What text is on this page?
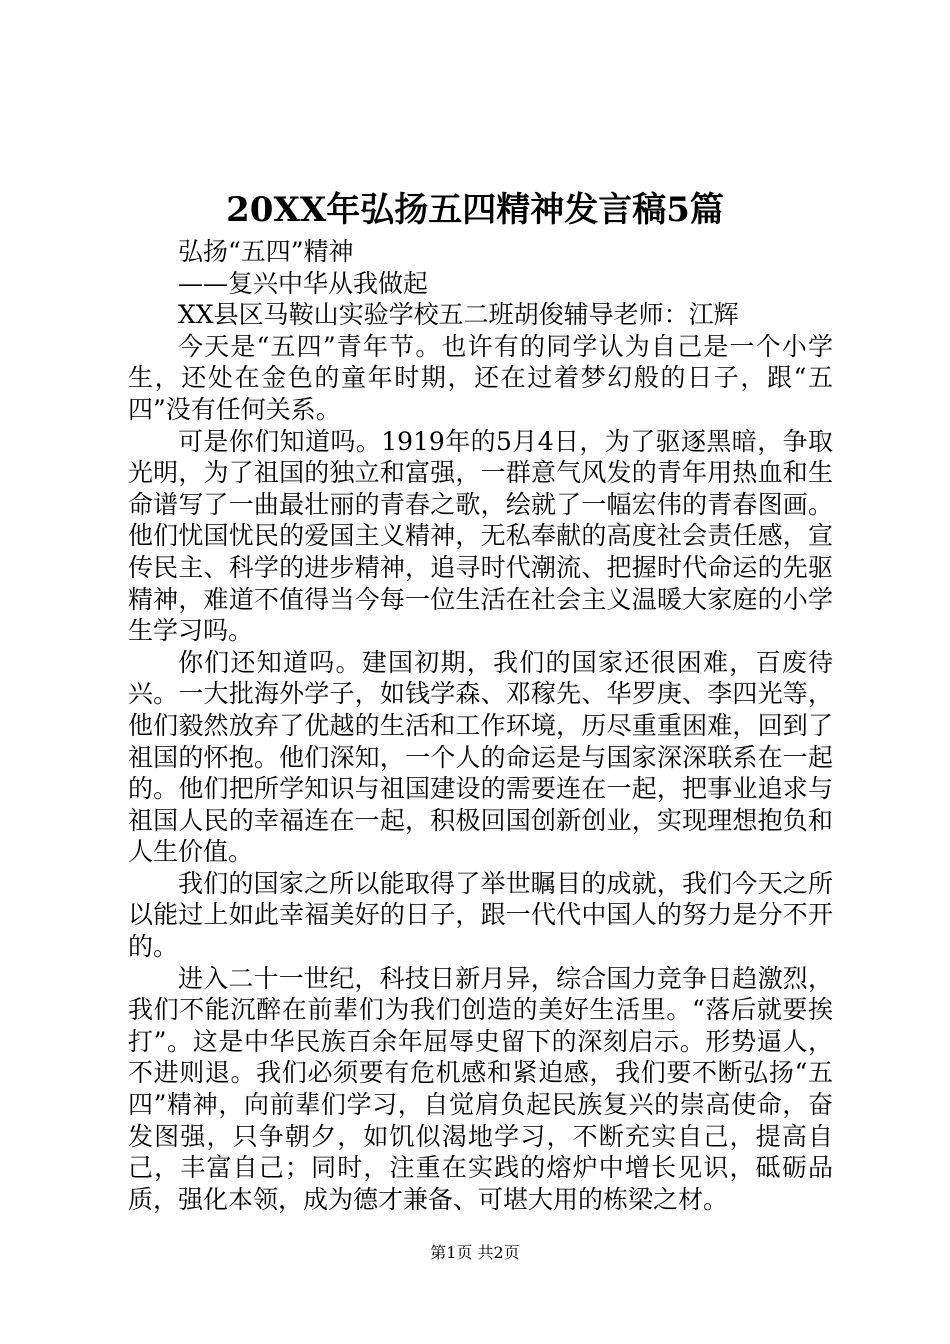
20XX年弘扬五四精神发言稿5篇

弘扬“五四”精神

——复兴中华从我做起

XX县区马鞍山实验学校五二班胡俊辅导老师：江辉

今天是“五四”青年节。也许有的同学认为自己是一个小学生，还处在金色的童年时期，还在过着梦幻般的日子，跟“五四”没有任何关系。

可是你们知道吗。1919年的5月4日，为了驱逐黑暗，争取光明，为了祖国的独立和富强，一群意气风发的青年用热血和生命谱写了一曲最壮丽的青春之歌，绘就了一幅宏伟的青春图画。他们忧国忧民的爱国主义精神，无私奉献的高度社会责任感，宣传民主、科学的进步精神，追寻时代潮流、把握时代命运的先驱精神，难道不值得当今每一位生活在社会主义温暖大家庭的小学生学习吗。

你们还知道吗。建国初期，我们的国家还很困难，百废待兴。一大批海外学子，如钱学森、邓稼先、华罗庚、李四光等，他们毅然放弃了优越的生活和工作环境，历尽重重困难，回到了祖国的怀抱。他们深知，一个人的命运是与国家深深联系在一起的。他们把所学知识与祖国建设的需要连在一起，把事业追求与祖国人民的幸福连在一起，积极回国创新创业，实现理想抱负和人生价值。

我们的国家之所以能取得了举世瞩目的成就，我们今天之所以能过上如此幸福美好的日子，跟一代代中国人的努力是分不开的。

进入二十一世纪，科技日新月异，综合国力竞争日趋激烈，我们不能沉醉在前辈们为我们创造的美好生活里。“落后就要挨打”。这是中华民族百余年屈辱史留下的深刻启示。形势逼人，不进则退。我们必须要有危机感和紧迫感，我们要不断弘扬“五四”精神，向前辈们学习，自觉肩负起民族复兴的崇高使命，奋发图强，只争朝夕，如饥似渴地学习，不断充实自己，提高自己，丰富自己；同时，注重在实践的熔炉中增长见识，砥砺品质，强化本领，成为德才兼备、可堪大用的栋梁之材。

第1页 共2页
